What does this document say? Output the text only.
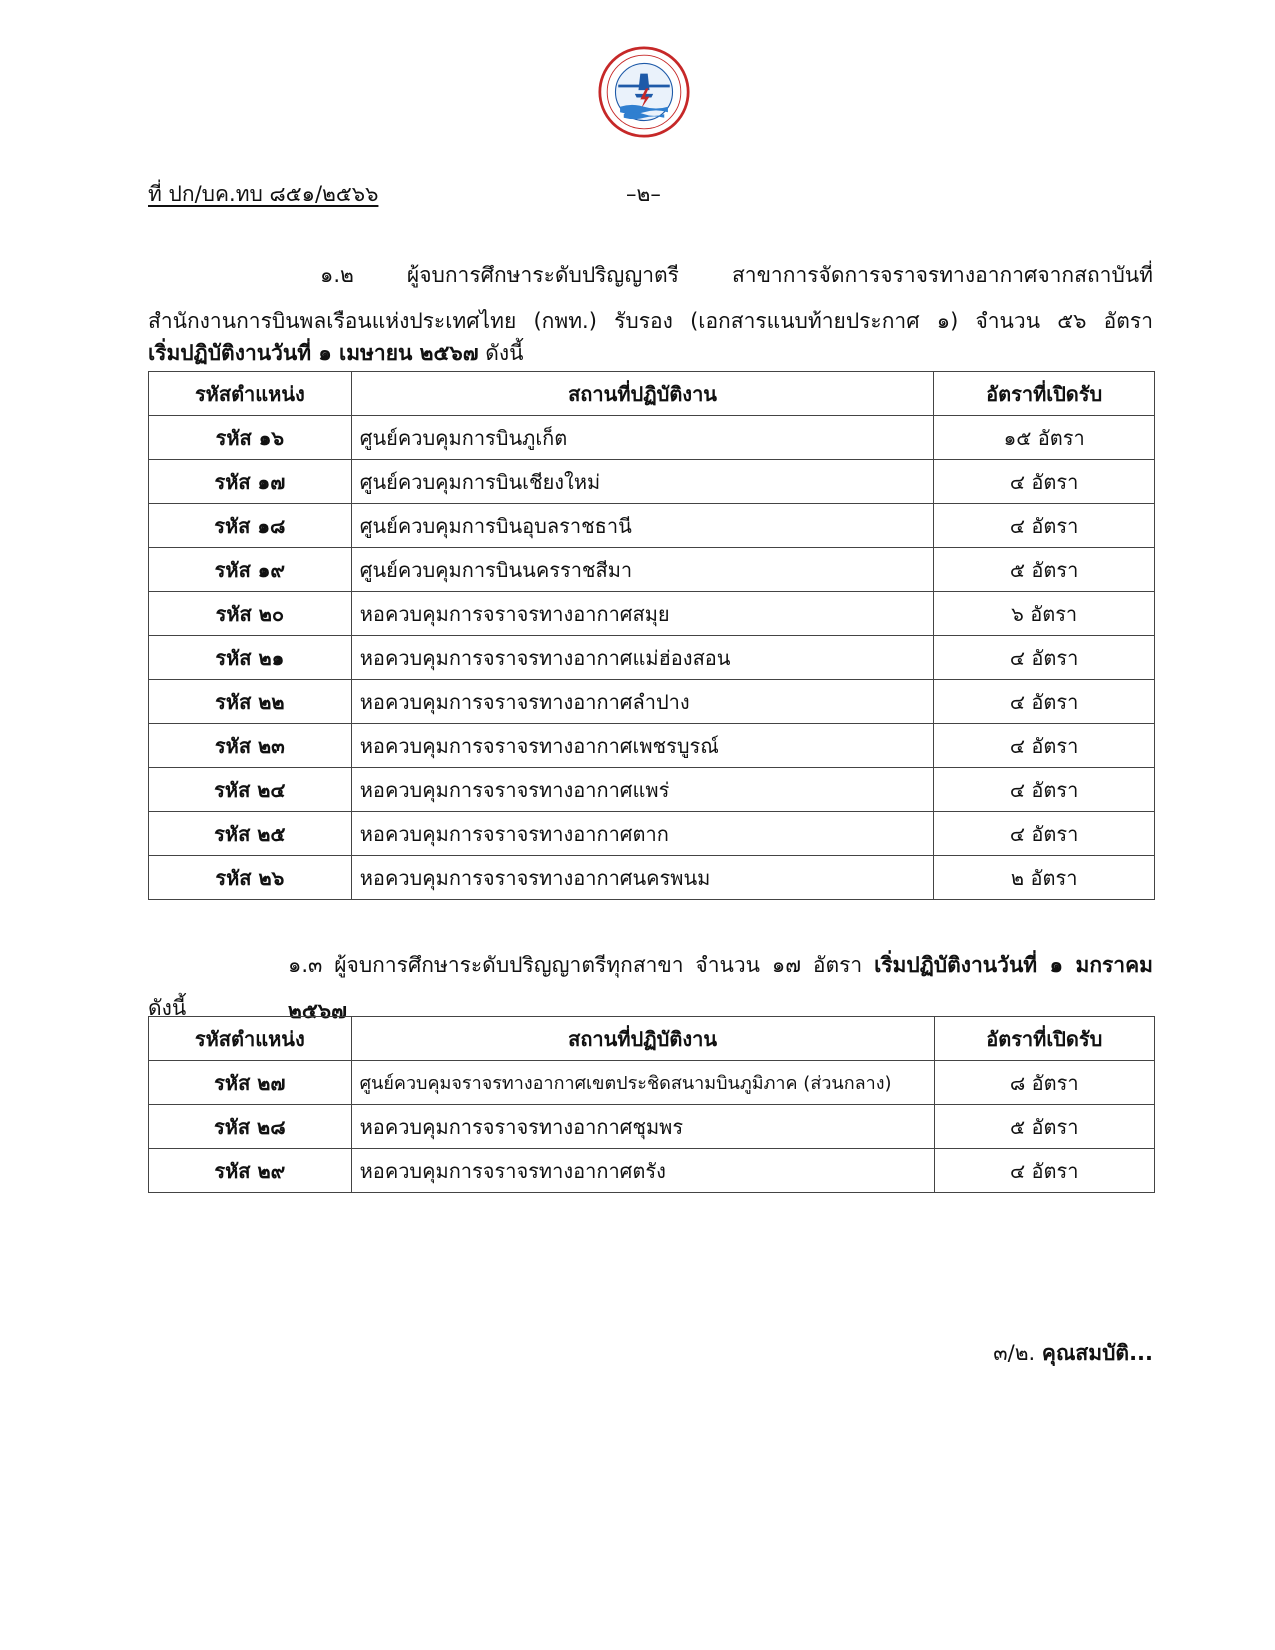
ที่ ปก/บค.ทบ ๘๕๑/๒๕๖๖	–๒–

๑.๒ ผู้จบการศึกษาระดับปริญญาตรี สาขาการจัดการจราจรทางอากาศจากสถาบันที่

สำนักงานการบินพลเรือนแห่งประเทศไทย (กพท.) รับรอง (เอกสารแนบท้ายประกาศ ๑) จำนวน ๕๖ อัตรา

เริ่มปฏิบัติงานวันที่ ๑ เมษายน ๒๕๖๗ ดังนี้

รหัสตำแหน่ง	สถานที่ปฏิบัติงาน	อัตราที่เปิดรับ
รหัส ๑๖	ศูนย์ควบคุมการบินภูเก็ต	๑๕ อัตรา
รหัส ๑๗	ศูนย์ควบคุมการบินเชียงใหม่	๔ อัตรา
รหัส ๑๘	ศูนย์ควบคุมการบินอุบลราชธานี	๔ อัตรา
รหัส ๑๙	ศูนย์ควบคุมการบินนครราชสีมา	๕ อัตรา
รหัส ๒๐	หอควบคุมการจราจรทางอากาศสมุย	๖ อัตรา
รหัส ๒๑	หอควบคุมการจราจรทางอากาศแม่ฮ่องสอน	๔ อัตรา
รหัส ๒๒	หอควบคุมการจราจรทางอากาศลำปาง	๔ อัตรา
รหัส ๒๓	หอควบคุมการจราจรทางอากาศเพชรบูรณ์	๔ อัตรา
รหัส ๒๔	หอควบคุมการจราจรทางอากาศแพร่	๔ อัตรา
รหัส ๒๕	หอควบคุมการจราจรทางอากาศตาก	๔ อัตรา
รหัส ๒๖	หอควบคุมการจราจรทางอากาศนครพนม	๒ อัตรา

๑.๓ ผู้จบการศึกษาระดับปริญญาตรีทุกสาขา จำนวน ๑๗ อัตรา เริ่มปฏิบัติงานวันที่ ๑ มกราคม ๒๕๖๗

ดังนี้

รหัสตำแหน่ง	สถานที่ปฏิบัติงาน	อัตราที่เปิดรับ
รหัส ๒๗	ศูนย์ควบคุมจราจรทางอากาศเขตประชิดสนามบินภูมิภาค (ส่วนกลาง)	๘ อัตรา
รหัส ๒๘	หอควบคุมการจราจรทางอากาศชุมพร	๕ อัตรา
รหัส ๒๙	หอควบคุมการจราจรทางอากาศตรัง	๔ อัตรา
๓/๒. คุณสมบัติ...
